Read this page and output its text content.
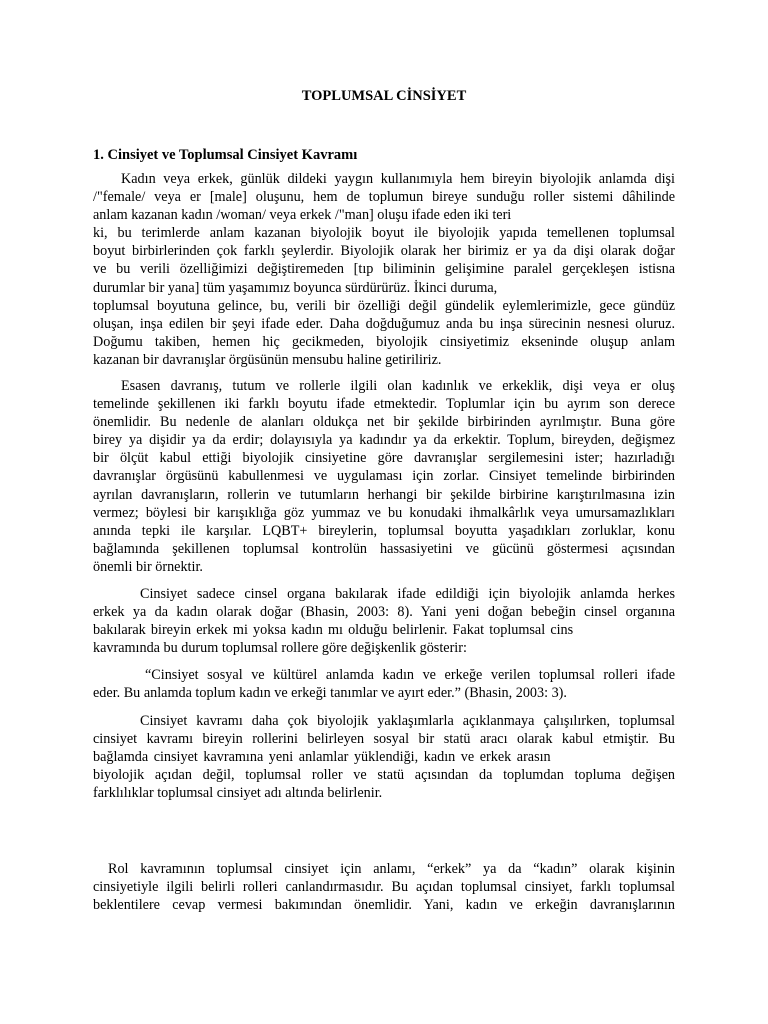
TOPLUMSAL CİNSİYET
1. Cinsiyet ve Toplumsal Cinsiyet Kavramı
Kadın veya erkek, günlük dildeki yaygın kullanımıyla hem bireyin biyolojik anlamda dişi
/"female/ veya er [male] oluşunu, hem de toplumun bireye sunduğu roller sistemi dâhilinde
anlam kazanan kadın /woman/ veya erkek /"man] oluşu ifade eden iki teri
ki, bu terimlerde anlam kazanan biyolojik boyut ile biyolojik yapıda temellenen toplumsal
boyut birbirlerinden çok farklı şeylerdir. Biyolojik olarak her birimiz er ya da dişi olarak doğar
ve bu verili özelliğimizi değiştiremeden [tıp biliminin gelişimine paralel gerçekleşen istisna
durumlar bir yana] tüm yaşamımız boyunca sürdürürüz. İkinci duruma,
toplumsal boyutuna gelince, bu, verili bir özelliği değil gündelik eylemlerimizle, gece gündüz
oluşan, inşa edilen bir şeyi ifade eder. Daha doğduğumuz anda bu inşa sürecinin nesnesi oluruz.
Doğumu takiben, hemen hiç gecikmeden, biyolojik cinsiyetimiz ekseninde oluşup anlam
kazanan bir davranışlar örgüsünün mensubu haline getiriliriz.
Esasen davranış, tutum ve rollerle ilgili olan kadınlık ve erkeklik, dişi veya er oluş
temelinde şekillenen iki farklı boyutu ifade etmektedir. Toplumlar için bu ayrım son derece
önemlidir. Bu nedenle de alanları oldukça net bir şekilde birbirinden ayrılmıştır. Buna göre
birey ya dişidir ya da erdir; dolayısıyla ya kadındır ya da erkektir. Toplum, bireyden, değişmez
bir ölçüt kabul ettiği biyolojik cinsiyetine göre davranışlar sergilemesini ister; hazırladığı
davranışlar örgüsünü kabullenmesi ve uygulaması için zorlar. Cinsiyet temelinde birbirinden
ayrılan davranışların, rollerin ve tutumların herhangi bir şekilde birbirine karıştırılmasına izin
vermez; böylesi bir karışıklığa göz yummaz ve bu konudaki ihmalkârlık veya umursamazlıkları
anında tepki ile karşılar. LQBT+ bireylerin, toplumsal boyutta yaşadıkları zorluklar, konu
bağlamında şekillenen toplumsal kontrolün hassasiyetini ve gücünü göstermesi açısından
önemli bir örnektir.
Cinsiyet sadece cinsel organa bakılarak ifade edildiği için biyolojik anlamda herkes
erkek ya da kadın olarak doğar (Bhasin, 2003: 8). Yani yeni doğan bebeğin cinsel organına
bakılarak bireyin erkek mi yoksa kadın mı olduğu belirlenir. Fakat toplumsal cins
kavramında bu durum toplumsal rollere göre değişkenlik gösterir:
“Cinsiyet sosyal ve kültürel anlamda kadın ve erkeğe verilen toplumsal rolleri ifade
eder. Bu anlamda toplum kadın ve erkeği tanımlar ve ayırt eder.” (Bhasin, 2003: 3).
Cinsiyet kavramı daha çok biyolojik yaklaşımlarla açıklanmaya çalışılırken, toplumsal
cinsiyet kavramı bireyin rollerini belirleyen sosyal bir statü aracı olarak kabul etmiştir. Bu
bağlamda cinsiyet kavramına yeni anlamlar yüklendiği, kadın ve erkek arasın
biyolojik açıdan değil, toplumsal roller ve statü açısından da toplumdan topluma değişen
farklılıklar toplumsal cinsiyet adı altında belirlenir.
Rol kavramının toplumsal cinsiyet için anlamı, “erkek” ya da “kadın” olarak kişinin
cinsiyetiyle ilgili belirli rolleri canlandırmasıdır. Bu açıdan toplumsal cinsiyet, farklı toplumsal
beklentilere cevap vermesi bakımından önemlidir. Yani, kadın ve erkeğin davranışlarının
